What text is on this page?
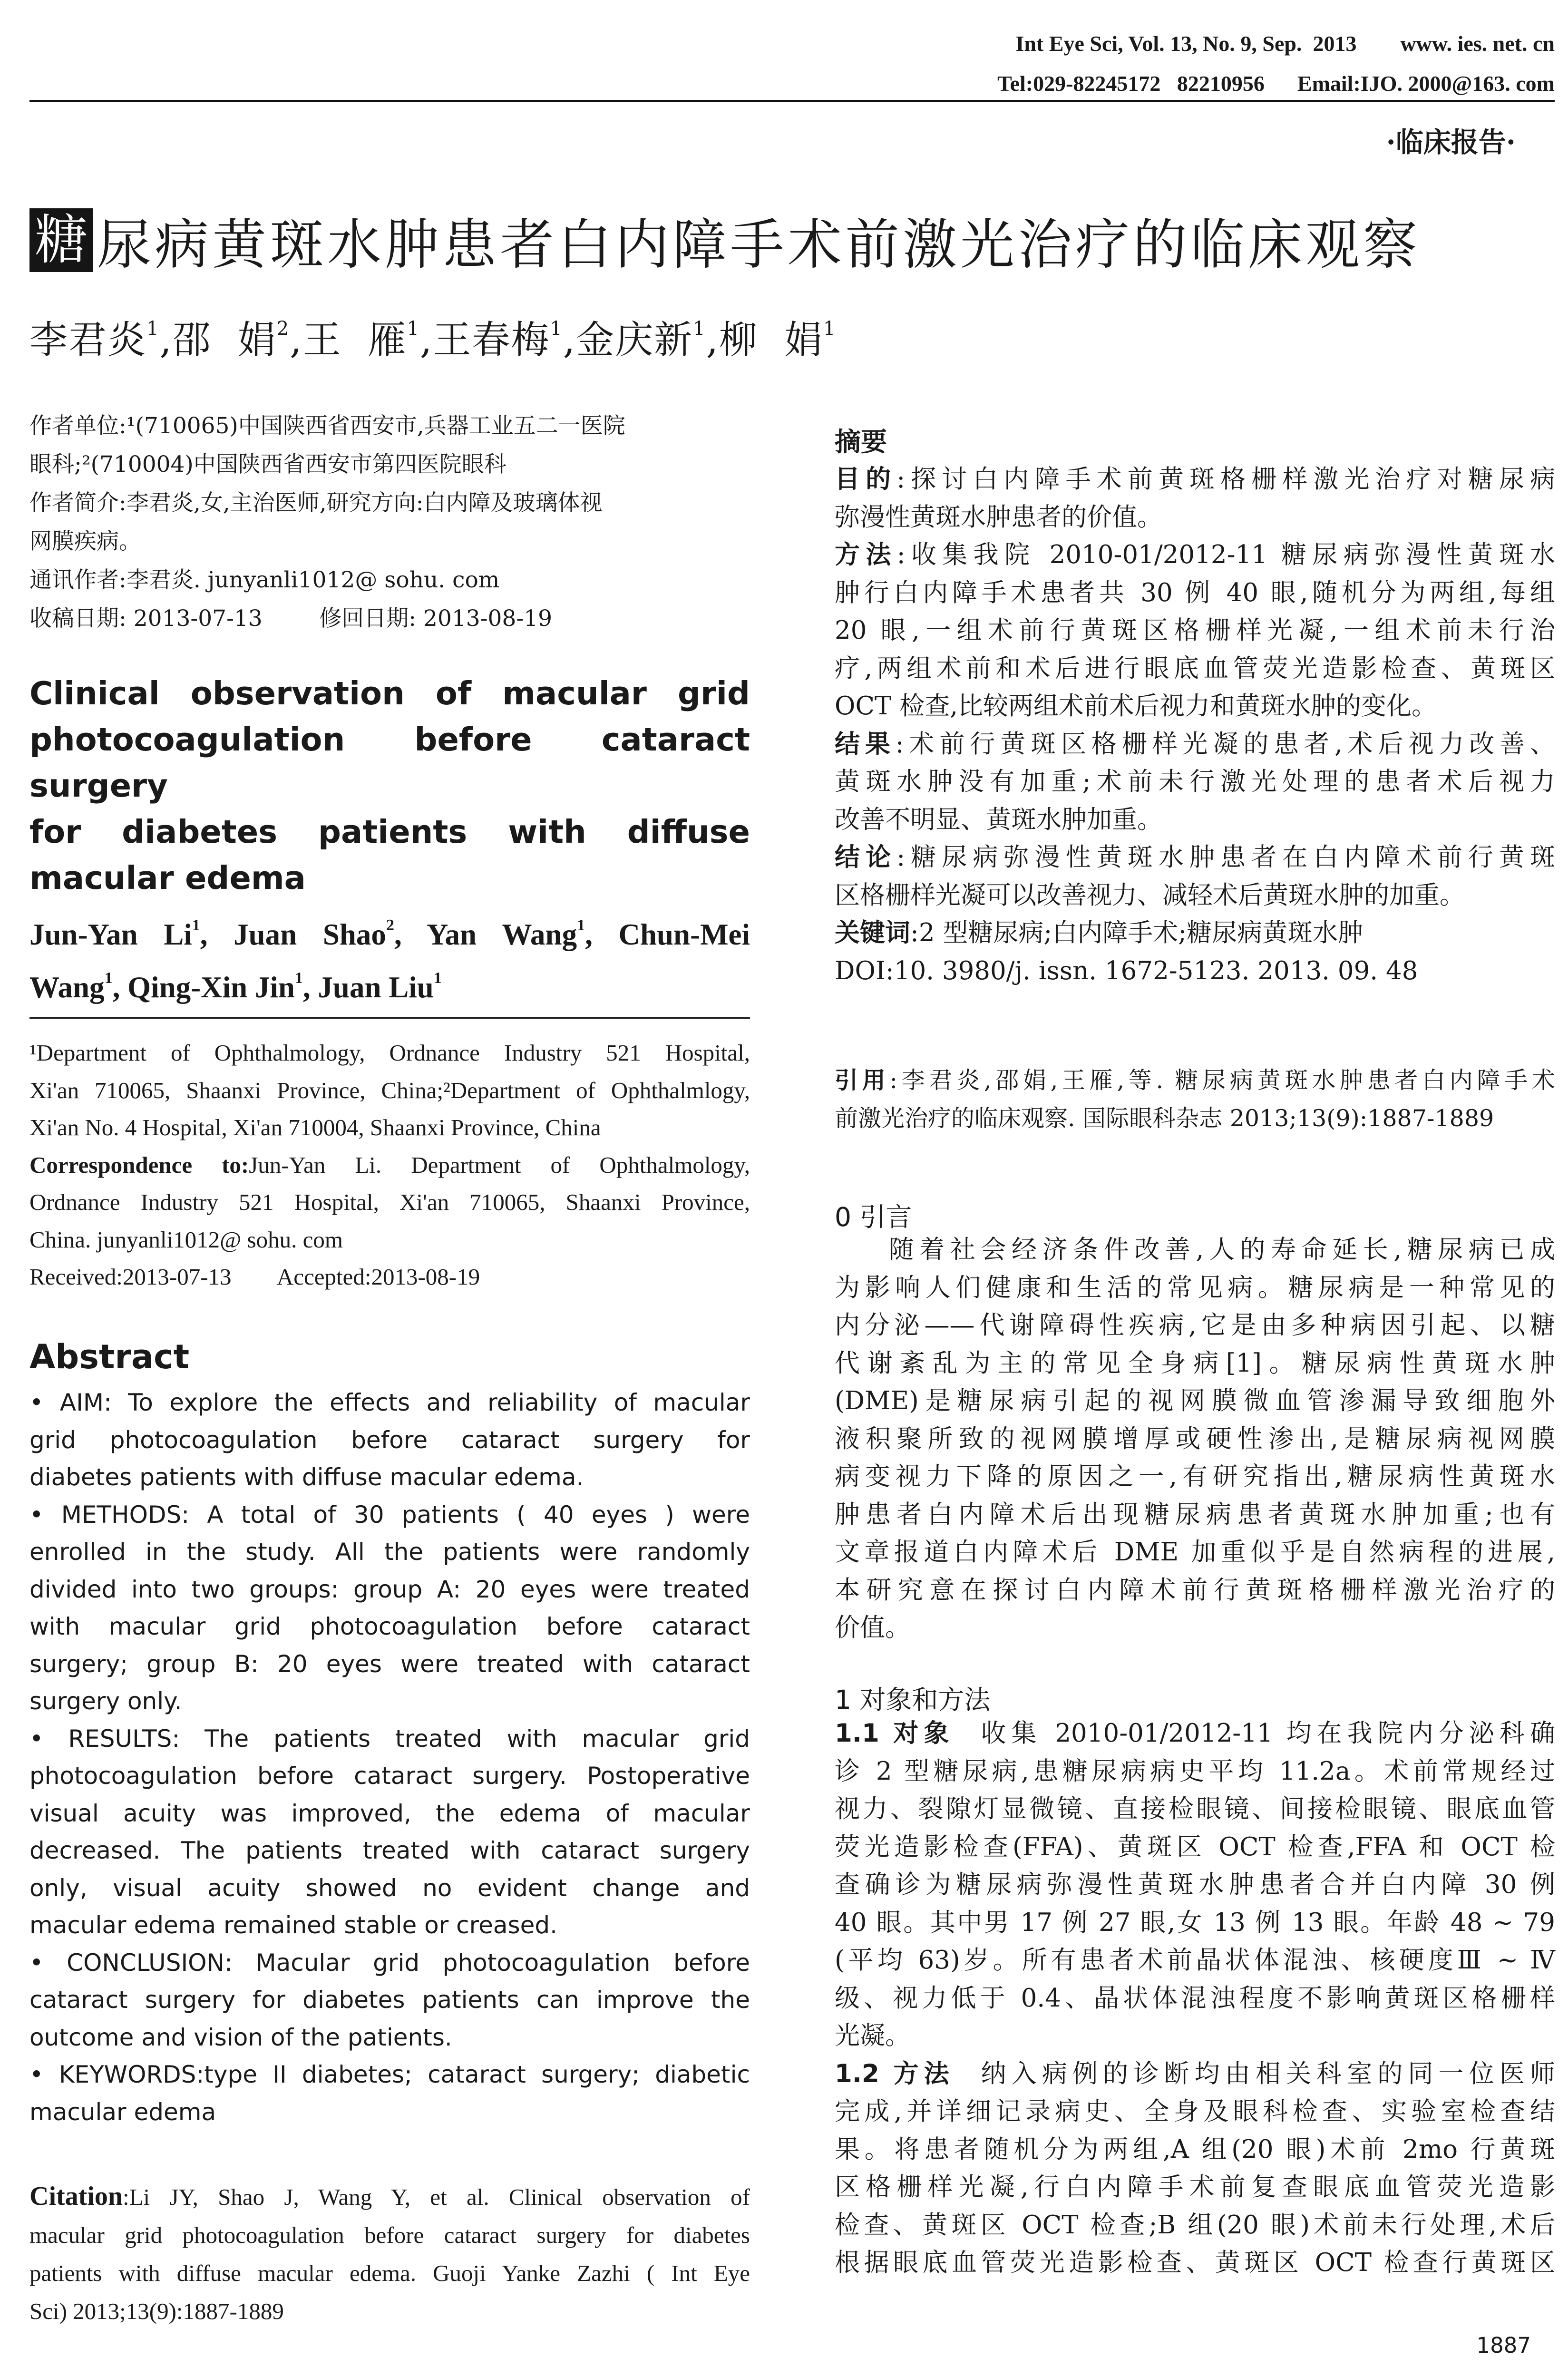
Int Eye Sci, Vol. 13, No. 9, Sep.  2013        www. ies. net. cn
Tel:029-82245172   82210956      Email:IJO. 2000@163. com
·临床报告·
糖 尿病黄斑水肿患者白内障手术前激光治疗的临床观察
李君炎$^1$,邵  娟$^2$,王  雁$^1$,王春梅$^1$,金庆新$^1$,柳  娟$^1$
作者单位:¹(710065)中国陕西省西安市,兵器工业五二一医院
眼科;²(710004)中国陕西省西安市第四医院眼科
作者简介:李君炎,女,主治医师,研究方向:白内障及玻璃体视
网膜疾病。
通讯作者:李君炎. junyanli1012@ sohu. com
收稿日期: 2013-07-13        修回日期: 2013-08-19
Clinical observation of macular grid
photocoagulation before cataract surgery
for diabetes patients with diffuse
macular edema
Jun-Yan Li$^1$, Juan Shao$^2$, Yan Wang$^1$, Chun-Mei
Wang$^1$, Qing-Xin Jin$^1$, Juan Liu$^1$
¹Department of Ophthalmology, Ordnance Industry 521 Hospital,
Xi'an 710065, Shaanxi Province, China;²Department of Ophthalmlogy,
Xi'an No. 4 Hospital, Xi'an 710004, Shaanxi Province, China
Correspondence to:Jun-Yan Li. Department of Ophthalmology,
Ordnance Industry 521 Hospital, Xi'an 710065, Shaanxi Province,
China. junyanli1012@ sohu. com
Received:2013-07-13        Accepted:2013-08-19
Abstract
• AIM: To explore the effects and reliability of macular
grid photocoagulation before cataract surgery for
diabetes patients with diffuse macular edema.
• METHODS: A total of 30 patients ( 40 eyes ) were
enrolled in the study. All the patients were randomly
divided into two groups: group A: 20 eyes were treated
with macular grid photocoagulation before cataract
surgery; group B: 20 eyes were treated with cataract
surgery only.
• RESULTS: The patients treated with macular grid
photocoagulation before cataract surgery. Postoperative
visual acuity was improved, the edema of macular
decreased. The patients treated with cataract surgery
only, visual acuity showed no evident change and
macular edema remained stable or creased.
• CONCLUSION: Macular grid photocoagulation before
cataract surgery for diabetes patients can improve the
outcome and vision of the patients.
• KEYWORDS:type II diabetes; cataract surgery; diabetic
macular edema
Citation:Li JY, Shao J, Wang Y, et al. Clinical observation of
macular grid photocoagulation before cataract surgery for diabetes
patients with diffuse macular edema. Guoji Yanke Zazhi ( Int Eye
Sci) 2013;13(9):1887-1889
摘要
目的:探讨白内障手术前黄斑格栅样激光治疗对糖尿病
弥漫性黄斑水肿患者的价值。
方法:收集我院 2010-01/2012-11 糖尿病弥漫性黄斑水
肿行白内障手术患者共 30 例 40 眼,随机分为两组,每组
20 眼,一组术前行黄斑区格栅样光凝,一组术前未行治
疗,两组术前和术后进行眼底血管荧光造影检查、黄斑区
OCT 检查,比较两组术前术后视力和黄斑水肿的变化。
结果:术前行黄斑区格栅样光凝的患者,术后视力改善、
黄斑水肿没有加重;术前未行激光处理的患者术后视力
改善不明显、黄斑水肿加重。
结论:糖尿病弥漫性黄斑水肿患者在白内障术前行黄斑
区格栅样光凝可以改善视力、减轻术后黄斑水肿的加重。
关键词:2 型糖尿病;白内障手术;糖尿病黄斑水肿
DOI:10. 3980/j. issn. 1672-5123. 2013. 09. 48
引用:李君炎,邵娟,王雁,等. 糖尿病黄斑水肿患者白内障手术
前激光治疗的临床观察. 国际眼科杂志 2013;13(9):1887-1889
0 引言
随着社会经济条件改善,人的寿命延长,糖尿病已成
为影响人们健康和生活的常见病。糖尿病是一种常见的
内分泌——代谢障碍性疾病,它是由多种病因引起、以糖
代谢紊乱为主的常见全身病[1]。糖尿病性黄斑水肿
(DME)是糖尿病引起的视网膜微血管渗漏导致细胞外
液积聚所致的视网膜增厚或硬性渗出,是糖尿病视网膜
病变视力下降的原因之一,有研究指出,糖尿病性黄斑水
肿患者白内障术后出现糖尿病患者黄斑水肿加重;也有
文章报道白内障术后 DME 加重似乎是自然病程的进展,
本研究意在探讨白内障术前行黄斑格栅样激光治疗的
价值。
1 对象和方法
1.1 对象  收集 2010-01/2012-11 均在我院内分泌科确
诊 2 型糖尿病,患糖尿病病史平均 11.2a。术前常规经过
视力、裂隙灯显微镜、直接检眼镜、间接检眼镜、眼底血管
荧光造影检查(FFA)、黄斑区 OCT 检查,FFA 和 OCT 检
查确诊为糖尿病弥漫性黄斑水肿患者合并白内障 30 例
40 眼。其中男 17 例 27 眼,女 13 例 13 眼。年龄 48 ~ 79
(平均 63)岁。所有患者术前晶状体混浊、核硬度Ⅲ ~ Ⅳ
级、视力低于 0.4、晶状体混浊程度不影响黄斑区格栅样
光凝。
1.2 方法  纳入病例的诊断均由相关科室的同一位医师
完成,并详细记录病史、全身及眼科检查、实验室检查结
果。将患者随机分为两组,A 组(20 眼)术前 2mo 行黄斑
区格栅样光凝,行白内障手术前复查眼底血管荧光造影
检查、黄斑区 OCT 检查;B 组(20 眼)术前未行处理,术后
根据眼底血管荧光造影检查、黄斑区 OCT 检查行黄斑区
1887
